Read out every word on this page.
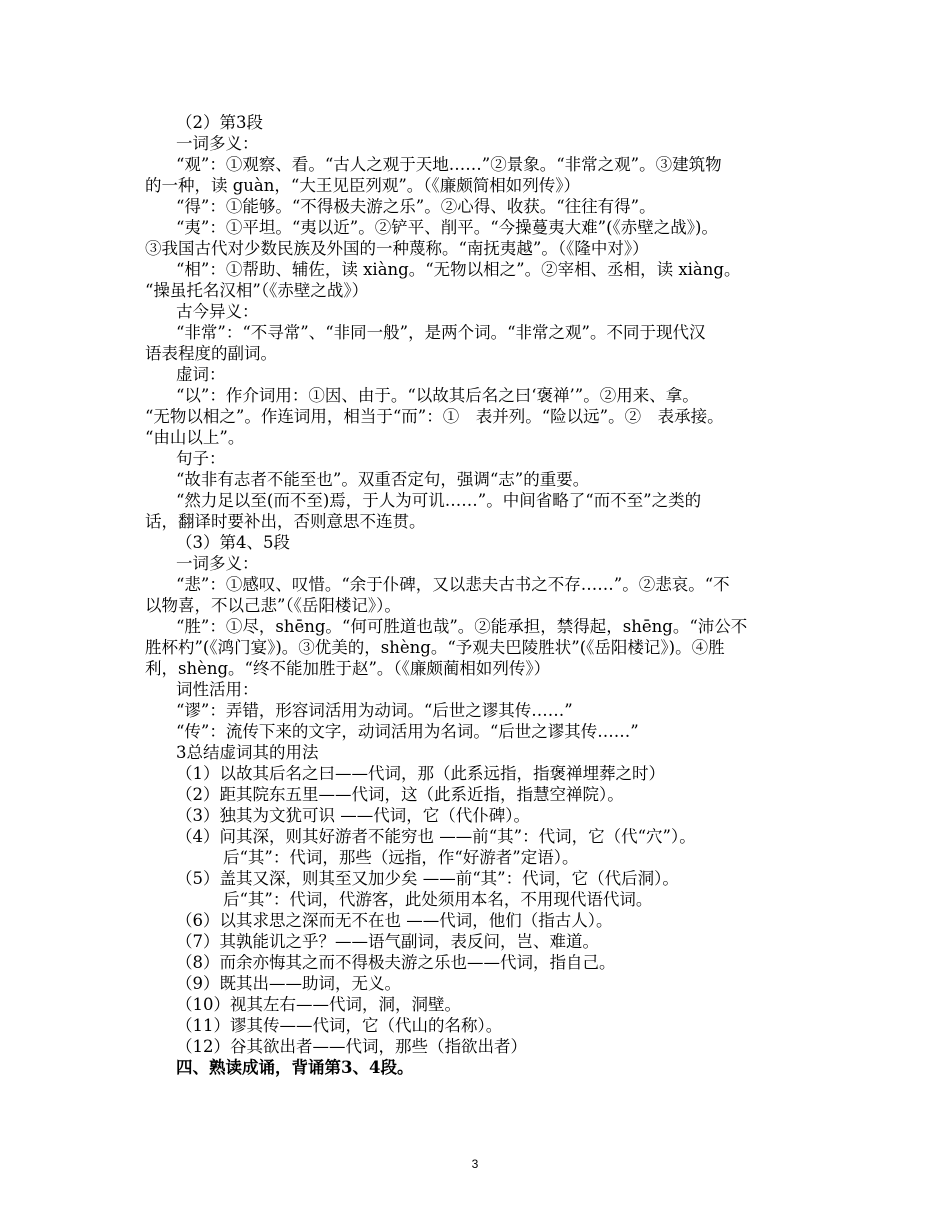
（2）第3段

一词多义：

“观”：①观察、看。“古人之观于天地……”②景象。“非常之观”。③建筑物

的一种，读 guàn，“大王见臣列观”。（《廉颇简相如列传》）

“得”：①能够。“不得极夫游之乐”。②心得、收获。“往往有得”。

“夷”：①平坦。“夷以近”。②铲平、削平。“今操蔓夷大难”(《赤壁之战》)。

③我国古代对少数民族及外国的一种蔑称。“南抚夷越”。（《隆中对》）

“相”：①帮助、辅佐，读 xiàng。“无物以相之”。②宰相、丞相，读 xiàng。

“操虽托名汉相”（《赤壁之战》）

古今异义：

“非常”：“不寻常”、“非同一般”，是两个词。“非常之观”。不同于现代汉

语表程度的副词。

虚词：

“以”：作介词用：①因、由于。“以故其后名之曰‘褒禅’”。②用来、拿。

“无物以相之”。作连词用，相当于“而”：①　表并列。“险以远”。②　表承接。

“由山以上”。

句子：

“故非有志者不能至也”。双重否定句，强调“志”的重要。

“然力足以至(而不至)焉，于人为可讥……”。中间省略了“而不至”之类的

话，翻译时要补出，否则意思不连贯。

（3）第4、5段

一词多义：

“悲”：①感叹、叹惜。“余于仆碑，又以悲夫古书之不存……”。②悲哀。“不

以物喜，不以己悲”（《岳阳楼记》）。

“胜”：①尽，shēng。“何可胜道也哉”。②能承担，禁得起，shēng。“沛公不

胜杯杓”(《鸿门宴》)。③优美的，shèng。“予观夫巴陵胜状”(《岳阳楼记》)。④胜

利，shèng。“终不能加胜于赵”。（《廉颇蔺相如列传》）

词性活用：

“谬”：弄错，形容词活用为动词。“后世之谬其传……”

“传”：流传下来的文字，动词活用为名词。“后世之谬其传……”

3总结虚词其的用法

（1）以故其后名之曰——代词，那（此系远指，指褒禅埋葬之时）

（2）距其院东五里——代词，这（此系近指，指慧空禅院）。

（3）独其为文犹可识 ——代词，它（代仆碑）。

（4）问其深，则其好游者不能穷也 ——前“其”：代词，它（代“穴”）。

后“其”：代词，那些（远指，作“好游者”定语）。

（5）盖其又深，则其至又加少矣 ——前“其”：代词，它（代后洞）。

后“其”：代词，代游客，此处须用本名，不用现代语代词。

（6）以其求思之深而无不在也 ——代词，他们（指古人）。

（7）其孰能讥之乎？——语气副词，表反问，岂、难道。

（8）而余亦悔其之而不得极夫游之乐也——代词，指自己。

（9）既其出——助词，无义。

（10）视其左右——代词，洞，洞壁。

（11）谬其传——代词，它（代山的名称）。

（12）谷其欲出者——代词，那些（指欲出者）

四、熟读成诵，背诵第3、4段。

3
